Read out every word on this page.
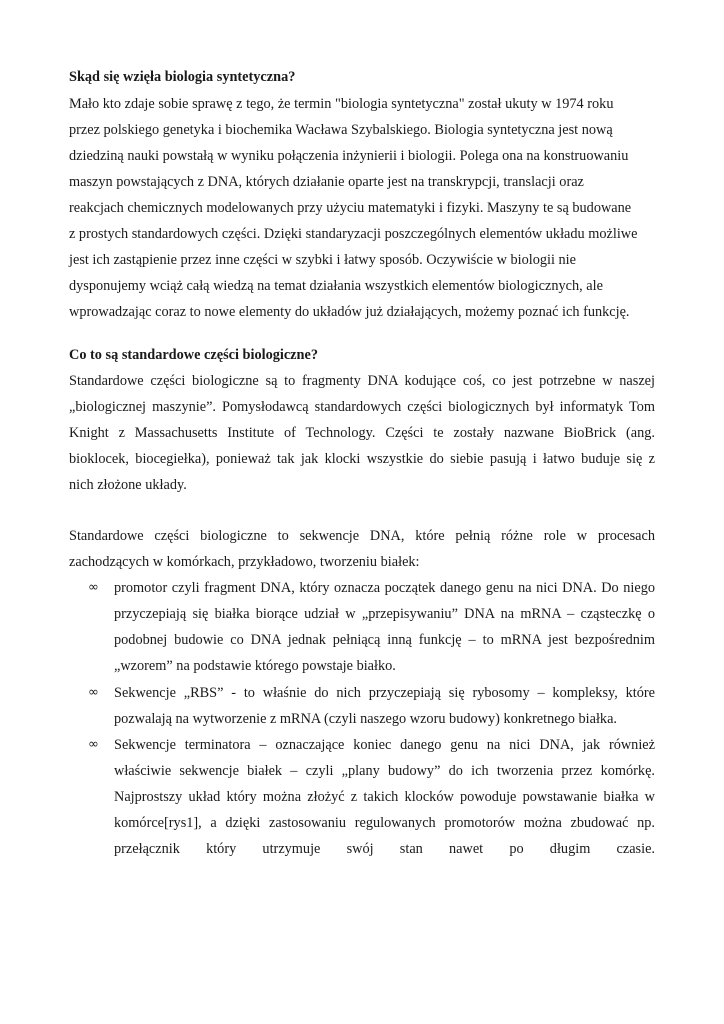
Skąd się wzięła biologia syntetyczna?
Mało kto zdaje sobie sprawę z tego, że termin "biologia syntetyczna" został ukuty w 1974 roku
przez polskiego genetyka i biochemika Wacława Szybalskiego. Biologia syntetyczna jest nową
dziedziną nauki powstałą w wyniku połączenia inżynierii i biologii. Polega ona na konstruowaniu
maszyn powstających z DNA, których działanie oparte jest na transkrypcji, translacji oraz
reakcjach chemicznych modelowanych przy użyciu matematyki i fizyki. Maszyny te są budowane
z prostych standardowych części. Dzięki standaryzacji poszczególnych elementów układu możliwe
jest ich zastąpienie przez inne części w szybki i łatwy sposób. Oczywiście w biologii nie
dysponujemy wciąż całą wiedzą na temat działania wszystkich elementów biologicznych, ale
wprowadzając coraz to nowe elementy do układów już działających, możemy poznać ich funkcję.
Co to są standardowe części biologiczne?
Standardowe części biologiczne są to fragmenty DNA kodujące coś, co jest potrzebne w naszej
„biologicznej maszynie”. Pomysłodawcą standardowych części biologicznych był informatyk Tom
Knight z Massachusetts Institute of Technology. Części te zostały nazwane BioBrick (ang.
bioklocek, biocegiełka), ponieważ tak jak klocki wszystkie do siebie pasują i łatwo buduje się z
nich złożone układy.
Standardowe części biologiczne to sekwencje DNA, które pełnią różne role w procesach
zachodzących w komórkach, przykładowo, tworzeniu białek:
∞ promotor czyli fragment DNA, który oznacza początek danego genu na nici DNA. Do niego
przyczepiają się białka biorące udział w „przepisywaniu” DNA na mRNA – cząsteczkę o
podobnej budowie co DNA jednak pełniącą inną funkcję – to mRNA jest bezpośrednim
„wzorem” na podstawie którego powstaje białko.
∞ Sekwencje „RBS” - to właśnie do nich przyczepiają się rybosomy – kompleksy, które
pozwalają na wytworzenie z mRNA (czyli naszego wzoru budowy) konkretnego białka.
∞ Sekwencje terminatora – oznaczające koniec danego genu na nici DNA, jak również
właściwie sekwencje białek – czyli „plany budowy” do ich tworzenia przez komórkę.
Najprostszy układ który można złożyć z takich klocków powoduje powstawanie białka w
komórce[rys1], a dzięki zastosowaniu regulowanych promotorów można zbudować np.
przełącznik który utrzymuje swój stan nawet po długim czasie.
